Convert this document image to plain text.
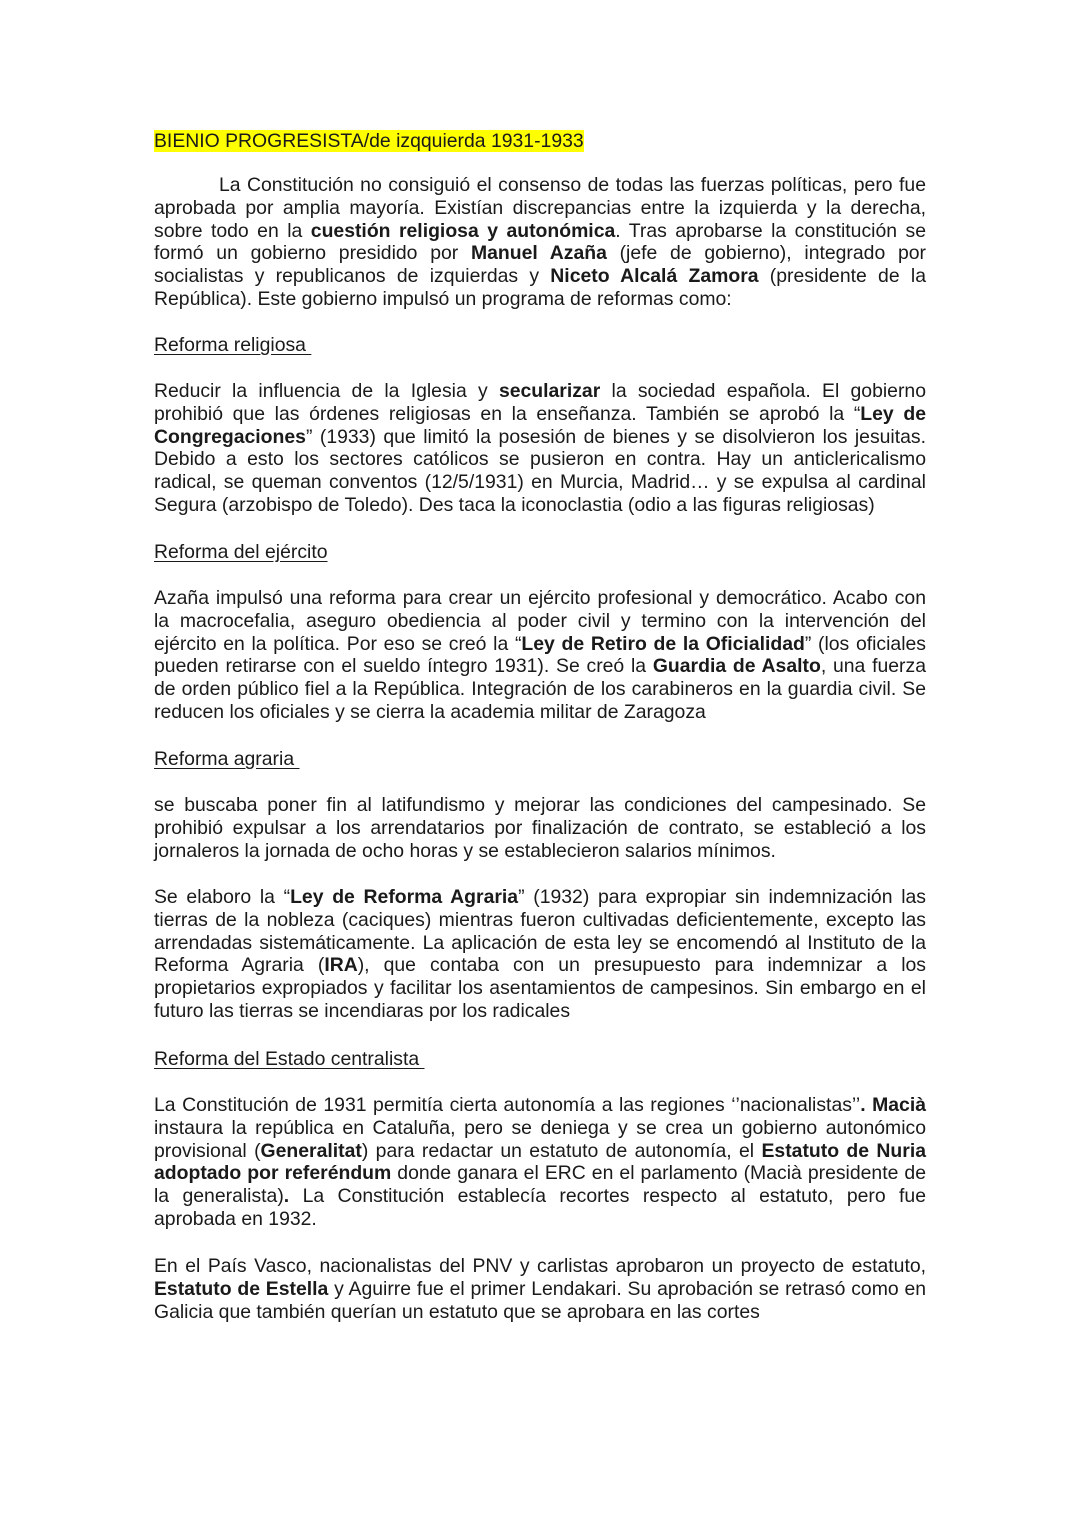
BIENIO PROGRESISTA/de izqquierda 1931-1933

La Constitución no consiguió el consenso de todas las fuerzas políticas, pero fue aprobada por amplia mayoría. Existían discrepancias entre la izquierda y la derecha, sobre todo en la cuestión religiosa y autonómica. Tras aprobarse la constitución se formó un gobierno presidido por Manuel Azaña (jefe de gobierno), integrado por socialistas y republicanos de izquierdas y Niceto Alcalá Zamora (presidente de la República). Este gobierno impulsó un programa de reformas como:

Reforma religiosa

Reducir la influencia de la Iglesia y secularizar la sociedad española. El gobierno prohibió que las órdenes religiosas en la enseñanza. También se aprobó la “Ley de Congregaciones” (1933) que limitó la posesión de bienes y se disolvieron los jesuitas. Debido a esto los sectores católicos se pusieron en contra. Hay un anticlericalismo radical, se queman conventos (12/5/1931) en Murcia, Madrid… y se expulsa al cardinal Segura (arzobispo de Toledo). Des taca la iconoclastia (odio a las figuras religiosas)

Reforma del ejército

Azaña impulsó una reforma para crear un ejército profesional y democrático. Acabo con la macrocefalia, aseguro obediencia al poder civil y termino con la intervención del ejército en la política. Por eso se creó la “Ley de Retiro de la Oficialidad” (los oficiales pueden retirarse con el sueldo íntegro 1931). Se creó la Guardia de Asalto, una fuerza de orden público fiel a la República. Integración de los carabineros en la guardia civil. Se reducen los oficiales y se cierra la academia militar de Zaragoza

Reforma agraria

se buscaba poner fin al latifundismo y mejorar las condiciones del campesinado. Se prohibió expulsar a los arrendatarios por finalización de contrato, se estableció a los jornaleros la jornada de ocho horas y se establecieron salarios mínimos.

Se elaboro la “Ley de Reforma Agraria” (1932) para expropiar sin indemnización las tierras de la nobleza (caciques) mientras fueron cultivadas deficientemente, excepto las arrendadas sistemáticamente. La aplicación de esta ley se encomendó al Instituto de la Reforma Agraria (IRA), que contaba con un presupuesto para indemnizar a los propietarios expropiados y facilitar los asentamientos de campesinos. Sin embargo en el futuro las tierras se incendiaras por los radicales

Reforma del Estado centralista

La Constitución de 1931 permitía cierta autonomía a las regiones ‘’nacionalistas’’. Macià instaura la república en Cataluña, pero se deniega y se crea un gobierno autonómico provisional (Generalitat) para redactar un estatuto de autonomía, el Estatuto de Nuria adoptado por referéndum donde ganara el ERC en el parlamento (Macià presidente de la generalista). La Constitución establecía recortes respecto al estatuto, pero fue aprobada en 1932.

En el País Vasco, nacionalistas del PNV y carlistas aprobaron un proyecto de estatuto, Estatuto de Estella y Aguirre fue el primer Lendakari. Su aprobación se retrasó como en Galicia que también querían un estatuto que se aprobara en las cortes
